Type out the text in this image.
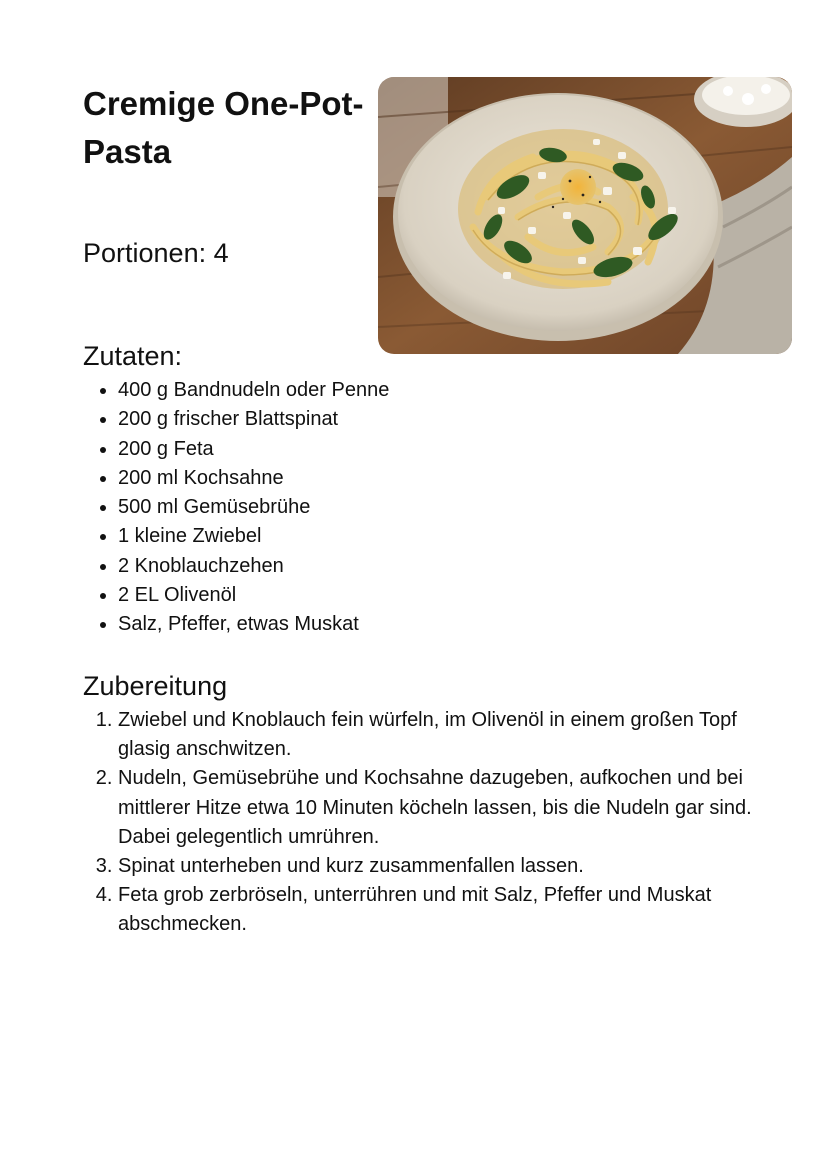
Cremige One-Pot-Pasta

Portionen: 4

Zutaten:
• 400 g Bandnudeln oder Penne
• 200 g frischer Blattspinat
• 200 g Feta
• 200 ml Kochsahne
• 500 ml Gemüsebrühe
• 1 kleine Zwiebel
• 2 Knoblauchzehen
• 2 EL Olivenöl
• Salz, Pfeffer, etwas Muskat
Zubereitung
1. Zwiebel und Knoblauch fein würfeln, im Olivenöl in einem großen Topf glasig anschwitzen.
2. Nudeln, Gemüsebrühe und Kochsahne dazugeben, aufkochen und bei mittlerer Hitze etwa 10 Minuten köcheln lassen, bis die Nudeln gar sind. Dabei gelegentlich umrühren.
3. Spinat unterheben und kurz zusammenfallen lassen.
4. Feta grob zerbröseln, unterrühren und mit Salz, Pfeffer und Muskat abschmecken.
